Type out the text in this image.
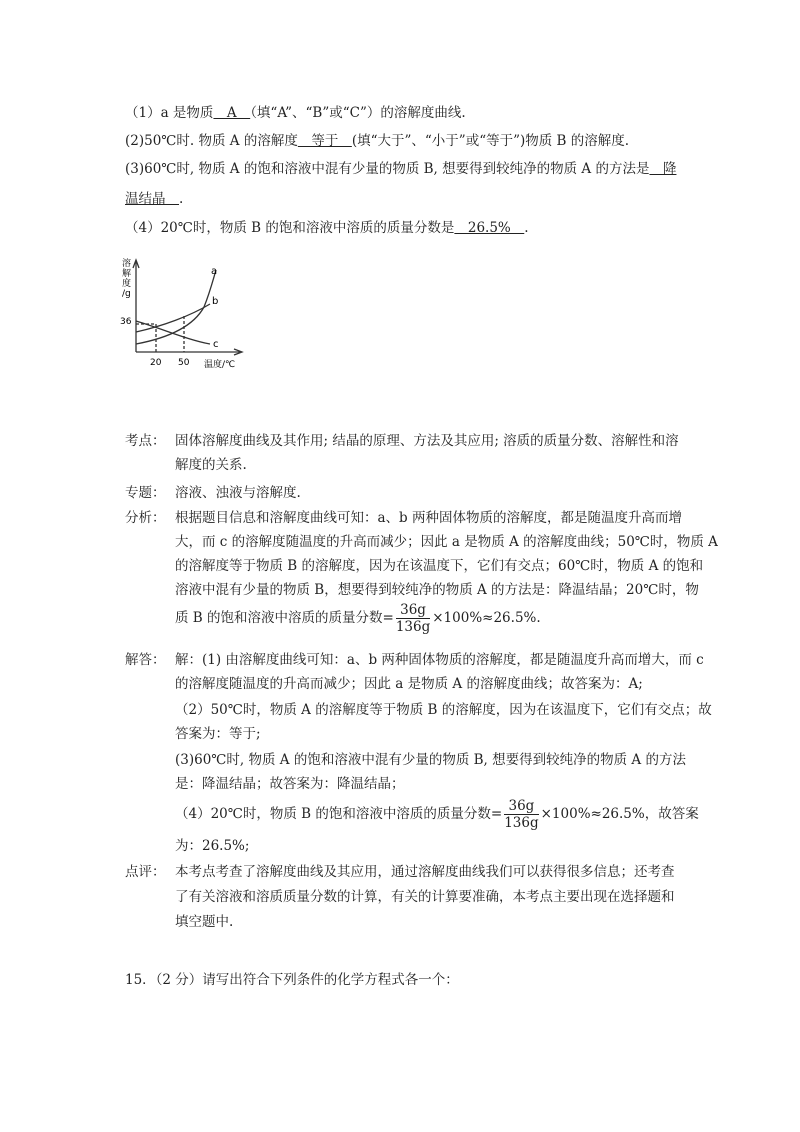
（1）a 是物质　A　（填“A”、“B”或“C”）的溶解度曲线.
(2)50℃时. 物质 A 的溶解度　等于　(填“大于”、“小于”或“等于”)物质 B 的溶解度.
(3)60℃时, 物质 A 的饱和溶液中混有少量的物质 B, 想要得到较纯净的物质 A 的方法是　降
温结晶　.
（4）20℃时，物质 B 的饱和溶液中溶质的质量分数是　26.5%　.
溶
解
度
/g
36
20 50 温度/℃
a
b
c
考点： 固体溶解度曲线及其作用; 结晶的原理、方法及其应用; 溶质的质量分数、溶解性和溶
解度的关系.
专题： 溶液、浊液与溶解度.
分析： 根据题目信息和溶解度曲线可知：a、b 两种固体物质的溶解度，都是随温度升高而增
大，而 c 的溶解度随温度的升高而减少；因此 a 是物质 A 的溶解度曲线；50℃时，物质 A
的溶解度等于物质 B 的溶解度，因为在该温度下，它们有交点；60℃时，物质 A 的饱和
溶液中混有少量的物质 B，想要得到较纯净的物质 A 的方法是：降温结晶；20℃时，物
质 B 的饱和溶液中溶质的质量分数= $\frac{36g}{136g} \times 100\%\approx 26.5\%$.
解答： 解：(1) 由溶解度曲线可知：a、b 两种固体物质的溶解度，都是随温度升高而增大，而 c
的溶解度随温度的升高而减少；因此 a 是物质 A 的溶解度曲线；故答案为：A;
（2）50℃时，物质 A 的溶解度等于物质 B 的溶解度，因为在该温度下，它们有交点；故
答案为：等于;
(3)60℃时, 物质 A 的饱和溶液中混有少量的物质 B, 想要得到较纯净的物质 A 的方法
是：降温结晶；故答案为：降温结晶；
（4）20℃时，物质 B 的饱和溶液中溶质的质量分数= $\frac{36g}{136g} \times 100\%\approx 26.5\%$，故答案
为：26.5%;
点评： 本考点考查了溶解度曲线及其应用，通过溶解度曲线我们可以获得很多信息；还考查
了有关溶液和溶质质量分数的计算，有关的计算要准确，本考点主要出现在选择题和
填空题中.
15．（2 分）请写出符合下列条件的化学方程式各一个：
